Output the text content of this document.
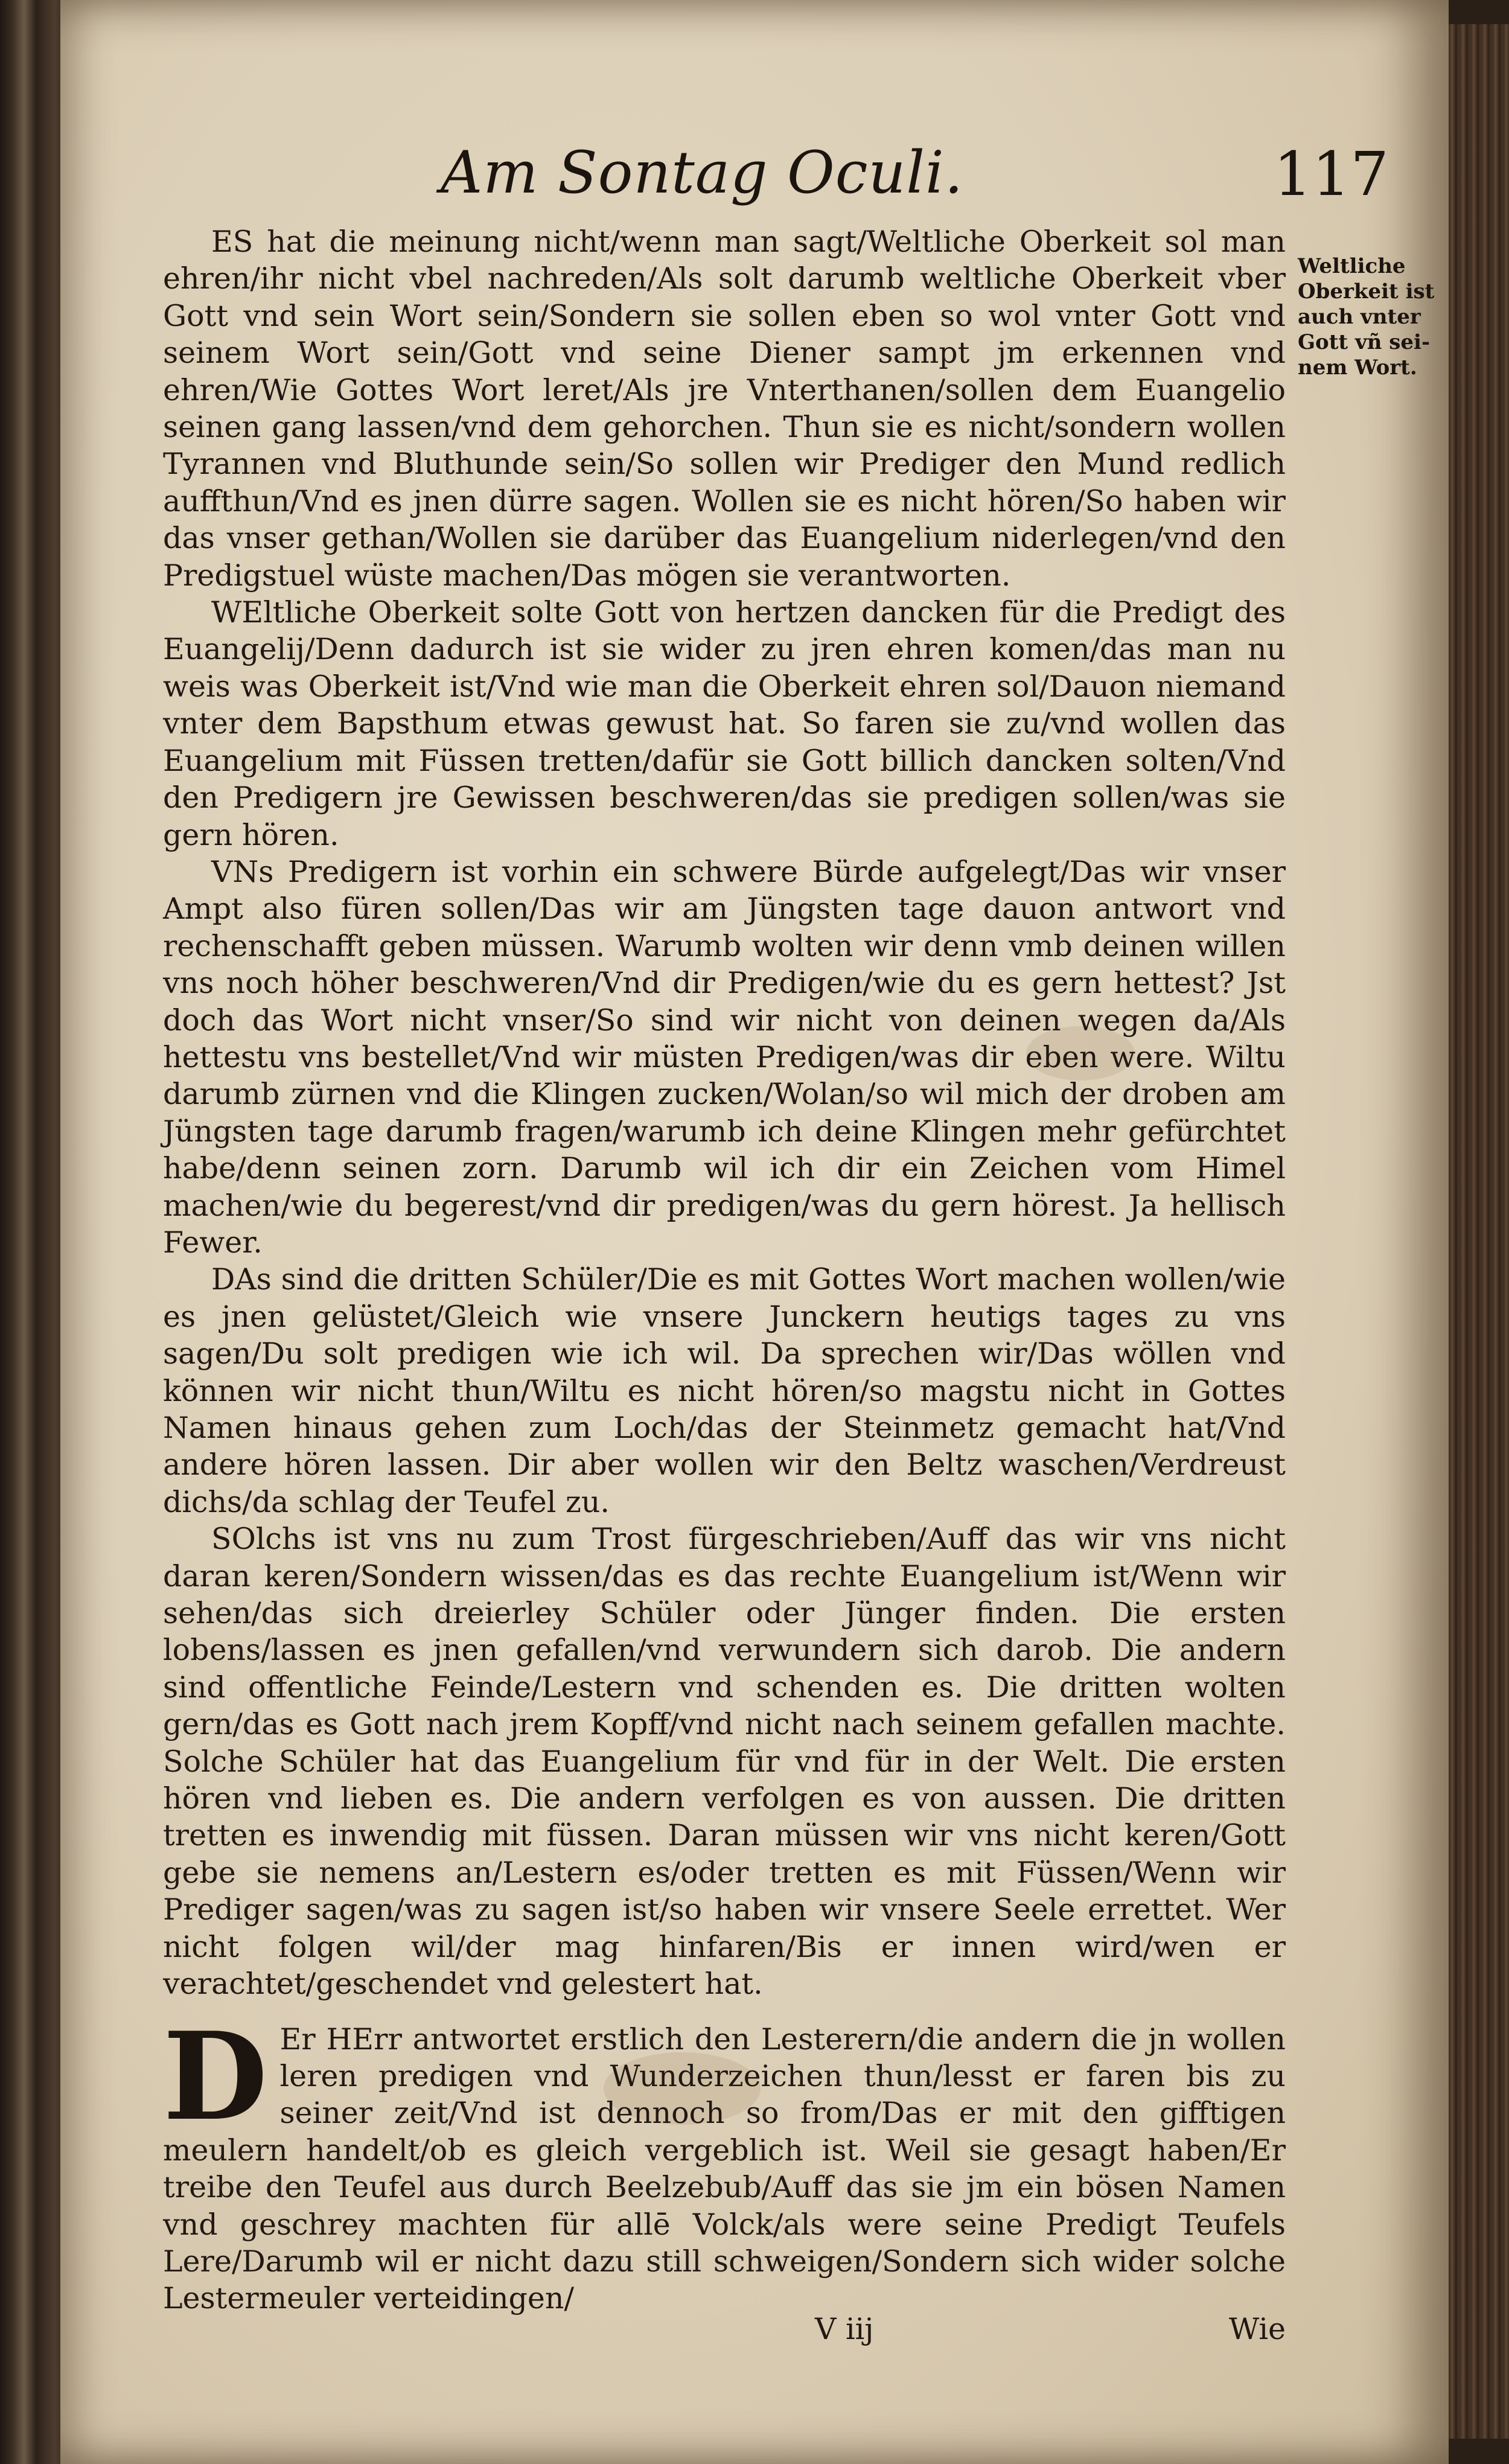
Am Sontag Oculi.	117
Weltliche
Oberkeit ist
auch vnter
Gott vñ sei-
nem Wort.

ES hat die meinung nicht/wenn man sagt/Weltliche Oberkeit sol man ehren/ihr nicht vbel nachreden/Als solt darumb weltliche Oberkeit vber Gott vnd sein Wort sein/Sondern sie sollen eben so wol vnter Gott vnd seinem Wort sein/Gott vnd seine Diener sampt jm erkennen vnd ehren/Wie Gottes Wort leret/Als jre Vnterthanen/sollen dem Euangelio seinen gang lassen/vnd dem gehorchen. Thun sie es nicht/sondern wollen Tyrannen vnd Bluthunde sein/So sollen wir Prediger den Mund redlich auffthun/Vnd es jnen dürre sagen. Wollen sie es nicht hören/So haben wir das vnser gethan/Wollen sie darüber das Euangelium niderlegen/vnd den Predigstuel wüste machen/Das mögen sie verantworten.

WEltliche Oberkeit solte Gott von hertzen dancken für die Predigt des Euangelij/Denn dadurch ist sie wider zu jren ehren komen/das man nu weis was Oberkeit ist/Vnd wie man die Oberkeit ehren sol/Dauon niemand vnter dem Bapsthum etwas gewust hat. So faren sie zu/vnd wollen das Euangelium mit Füssen tretten/dafür sie Gott billich dancken solten/Vnd den Predigern jre Gewissen beschweren/das sie predigen sollen/was sie gern hören.

VNs Predigern ist vorhin ein schwere Bürde aufgelegt/Das wir vnser Ampt also füren sollen/Das wir am Jüngsten tage dauon antwort vnd rechenschafft geben müssen. Warumb wolten wir denn vmb deinen willen vns noch höher beschweren/Vnd dir Predigen/wie du es gern hettest? Jst doch das Wort nicht vnser/So sind wir nicht von deinen wegen da/Als hettestu vns bestellet/Vnd wir müsten Predigen/was dir eben were. Wiltu darumb zürnen vnd die Klingen zucken/Wolan/so wil mich der droben am Jüngsten tage darumb fragen/warumb ich deine Klingen mehr gefürchtet habe/denn seinen zorn. Darumb wil ich dir ein Zeichen vom Himel machen/wie du begerest/vnd dir predigen/was du gern hörest. Ja hellisch Fewer.

DAs sind die dritten Schüler/Die es mit Gottes Wort machen wollen/wie es jnen gelüstet/Gleich wie vnsere Junckern heutigs tages zu vns sagen/Du solt predigen wie ich wil. Da sprechen wir/Das wöllen vnd können wir nicht thun/Wiltu es nicht hören/so magstu nicht in Gottes Namen hinaus gehen zum Loch/das der Steinmetz gemacht hat/Vnd andere hören lassen. Dir aber wollen wir den Beltz waschen/Verdreust dichs/da schlag der Teufel zu.

SOlchs ist vns nu zum Trost fürgeschrieben/Auff das wir vns nicht daran keren/Sondern wissen/das es das rechte Euangelium ist/Wenn wir sehen/das sich dreierley Schüler oder Jünger finden. Die ersten lobens/lassen es jnen gefallen/vnd verwundern sich darob. Die andern sind offentliche Feinde/Lestern vnd schenden es. Die dritten wolten gern/das es Gott nach jrem Kopff/vnd nicht nach seinem gefallen machte. Solche Schüler hat das Euangelium für vnd für in der Welt. Die ersten hören vnd lieben es. Die andern verfolgen es von aussen. Die dritten tretten es inwendig mit füssen. Daran müssen wir vns nicht keren/Gott gebe sie nemens an/Lestern es/oder tretten es mit Füssen/Wenn wir Prediger sagen/was zu sagen ist/so haben wir vnsere Seele errettet. Wer nicht folgen wil/der mag hinfaren/Bis er innen wird/wen er verachtet/geschendet vnd gelestert hat.

D Er HErr antwortet erstlich den Lesterern/die andern die jn wollen leren predigen vnd Wunderzeichen thun/lesst er faren bis zu seiner zeit/Vnd ist dennoch so from/Das er mit den gifftigen meulern handelt/ob es gleich vergeblich ist. Weil sie gesagt haben/Er treibe den Teufel aus durch Beelzebub/Auff das sie jm ein bösen Namen vnd geschrey machten für allē Volck/als were seine Predigt Teufels Lere/Darumb wil er nicht dazu still schweigen/Sondern sich wider solche Lestermeuler verteidingen/

V iij	Wie
